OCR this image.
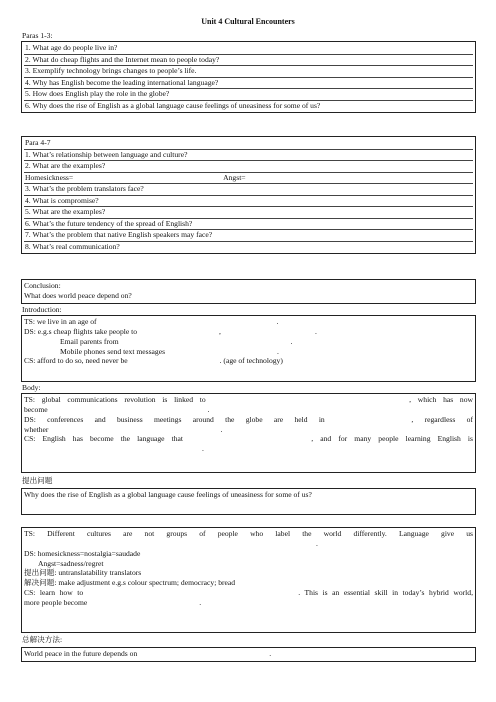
Unit 4 Cultural Encounters
Paras 1-3:
1. What age do people live in?
2. What do cheap flights and the Internet mean to people today?
3. Exemplify technology brings changes to people’s life.
4. Why has English become the leading international language?
5. How does English play the role in the globe?
6. Why does the rise of English as a global language cause feelings of uneasiness for some of us?
Para 4-7
1. What’s relationship between language and culture?
2. What are the examples?
Homesickness=	Angst=
3. What’s the problem translators face?
4. What is compromise?
5. What are the examples?
6. What’s the future tendency of the spread of English?
7. What’s the problem that native English speakers may face?
8. What’s real communication?
Conclusion:
What does world peace depend on?
Introduction:
TS: we live in an age of	.
DS: e.g.s cheap flights take people to	,	.
Email parents from	.
Mobile phones send text messages	.
CS: afford to do so, need never be	. (age of technology)
Body:
TS: global communications revolution is linked to	, which has now
become	.
DS: conferences and business meetings around the globe are held in	, regardless of
whether	.
CS: English has become the language that	, and for many people learning English is
.
提出问题
Why does the rise of English as a global language cause feelings of uneasiness for some of us?
TS: Different cultures are not groups of people who label the world differently. Language give us
.
DS: homesickness=nostalgia=saudade
Angst=sadness/regret
提出问题: untranslatability translators
解决问题: make adjustment e.g.s colour spectrum; democracy; bread
CS: learn how to	. This is an essential skill in today’s hybrid world,
more people become	.
总解决方法:
World peace in the future depends on	.
